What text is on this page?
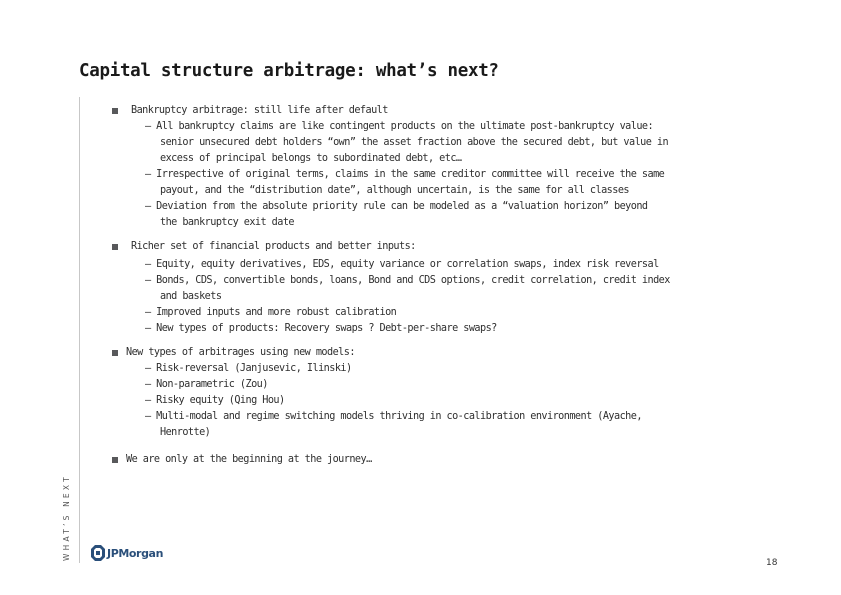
Capital structure arbitrage: what’s next?
WHAT’S NEXT
Bankruptcy arbitrage: still life after default
– All bankruptcy claims are like contingent products on the ultimate post-bankruptcy value:
senior unsecured debt holders “own” the asset fraction above the secured debt, but value in
excess of principal belongs to subordinated debt, etc…
– Irrespective of original terms, claims in the same creditor committee will receive the same
payout, and the “distribution date”, although uncertain, is the same for all classes
– Deviation from the absolute priority rule can be modeled as a “valuation horizon” beyond
the bankruptcy exit date
Richer set of financial products and better inputs:
– Equity, equity derivatives, EDS, equity variance or correlation swaps, index risk reversal
– Bonds, CDS, convertible bonds, loans, Bond and CDS options, credit correlation, credit index
and baskets
– Improved inputs and more robust calibration
– New types of products: Recovery swaps ? Debt-per-share swaps?
New types of arbitrages using new models:
– Risk-reversal (Janjusevic, Ilinski)
– Non-parametric (Zou)
– Risky equity (Qing Hou)
– Multi-modal and regime switching models thriving in co-calibration environment (Ayache,
Henrotte)
We are only at the beginning at the journey…
JPMorgan
18
